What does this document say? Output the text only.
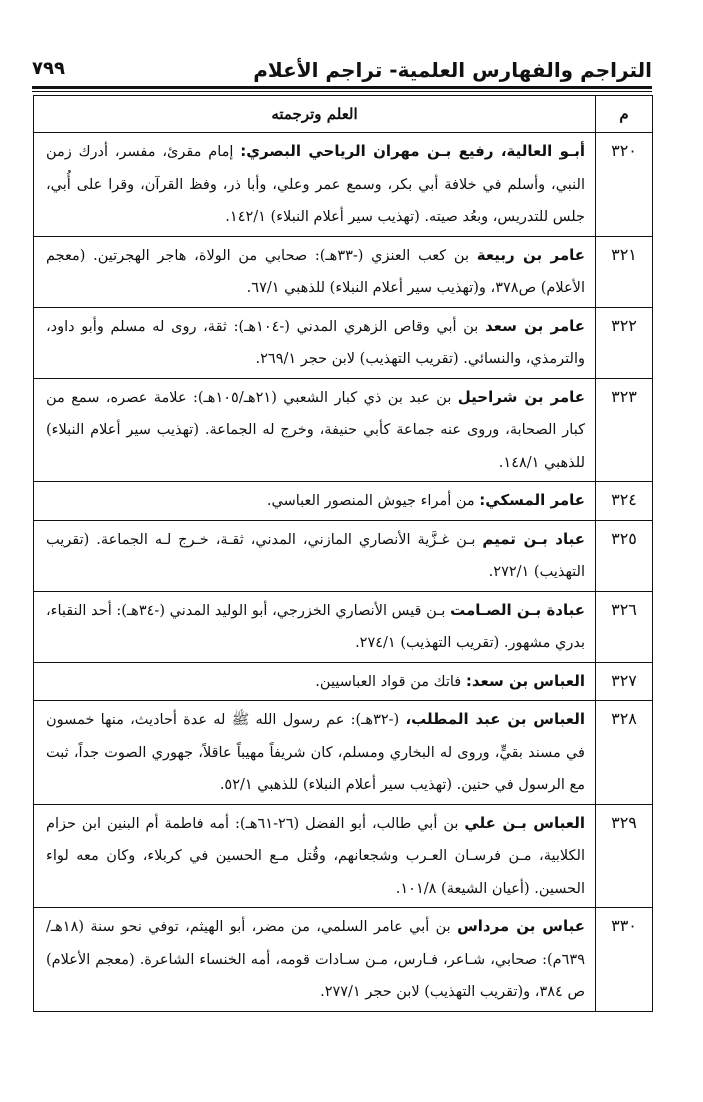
التراجم والفهارس العلمية- تراجم الأعلام
٧٩٩
م	العلم وترجمته
٣٢٠	أبـو العالية، رفيع بـن مهران الرياحي البصري: إمام مقرئ، مفسر، أدرك زمن النبي، وأسلم في خلافة أبي بكر، وسمع عمر وعلي، وأبا ذر، وفظ القرآن، وقرا على أُبي، جلس للتدريس، وبعُد صيته. (تهذيب سير أعلام النبلاء) ١٤٢/١.
٣٢١	عامر بن ربيعة بن كعب العنزي (-٣٣هـ): صحابي من الولاة، هاجر الهجرتين. (معجم الأعلام) ص٣٧٨، و(تهذيب سير أعلام النبلاء) للذهبي ٦٧/١.
٣٢٢	عامر بن سعد بن أبي وقاص الزهري المدني (-١٠٤هـ): ثقة، روى له مسلم وأبو داود، والترمذي، والنسائي. (تقريب التهذيب) لابن حجر ٢٦٩/١.
٣٢٣	عامر بن شراحيل بن عبد بن ذي كبار الشعبي (٢١هـ/١٠٥هـ): علامة عصره، سمع من كبار الصحابة، وروى عنه جماعة كأبي حنيفة، وخرج له الجماعة. (تهذيب سير أعلام النبلاء) للذهبي ١٤٨/١.
٣٢٤	عامر المسكي: من أمراء جيوش المنصور العباسي.
٣٢٥	عباد بـن تميم بـن غـزَّية الأنصاري المازني، المدني، ثقـة، خـرج لـه الجماعة. (تقريب التهذيب) ٢٧٢/١.
٣٢٦	عبادة بـن الصـامت بـن قيس الأنصاري الخزرجي، أبو الوليد المدني (-٣٤هـ): أحد النقباء، بدري مشهور. (تقريب التهذيب) ٢٧٤/١.
٣٢٧	العباس بن سعد: فاتك من قواد العباسيين.
٣٢٨	العباس بن عبد المطلب، (-٣٢هـ): عم رسول الله ﷺ له عدة أحاديث، منها خمسون في مسند بقيٍّ، وروى له البخاري ومسلم، كان شريفاً مهيباً عاقلاً، جهوري الصوت جداً، ثبت مع الرسول في حنين. (تهذيب سير أعلام النبلاء) للذهبي ٥٢/١.
٣٢٩	العباس بـن علي بن أبي طالب، أبو الفضل (٢٦-٦١هـ): أمه فاطمة أم البنين ابن حزام الكلابية، مـن فرسـان العـرب وشجعانهم، وقُتل مـع الحسين في كربلاء، وكان معه لواء الحسين. (أعيان الشيعة) ١٠١/٨.
٣٣٠	عباس بن مرداس بن أبي عامر السلمي، من مضر، أبو الهيثم، توفي نحو سنة (١٨هـ/٦٣٩م): صحابي، شـاعر، فـارس، مـن سـادات قومه، أمه الخنساء الشاعرة. (معجم الأعلام) ص ٣٨٤، و(تقريب التهذيب) لابن حجر ٢٧٧/١.
